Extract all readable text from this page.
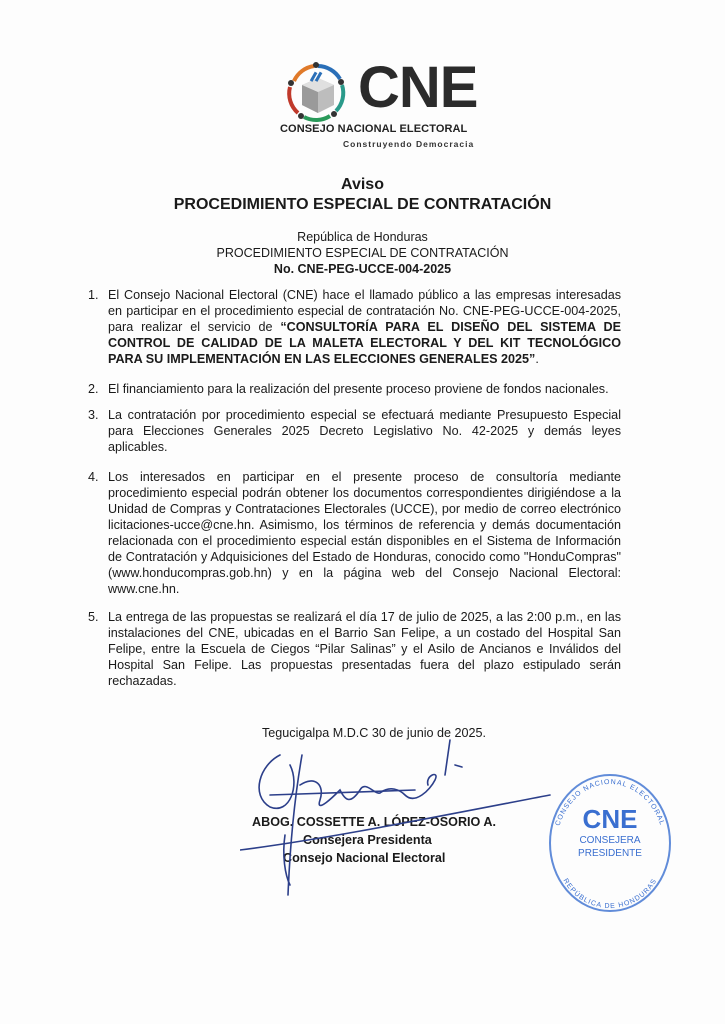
CNE
CONSEJO NACIONAL ELECTORAL
Construyendo Democracia
Aviso
PROCEDIMIENTO ESPECIAL DE CONTRATACIÓN
República de Honduras
PROCEDIMIENTO ESPECIAL DE CONTRATACIÓN
No. CNE-PEG-UCCE-004-2025
1. El Consejo Nacional Electoral (CNE) hace el llamado público a las empresas interesadas en participar en el procedimiento especial de contratación No. CNE-PEG-UCCE-004-2025, para realizar el servicio de “CONSULTORÍA PARA EL DISEÑO DEL SISTEMA DE CONTROL DE CALIDAD DE LA MALETA ELECTORAL Y DEL KIT TECNOLÓGICO PARA SU IMPLEMENTACIÓN EN LAS ELECCIONES GENERALES 2025”.
2. El financiamiento para la realización del presente proceso proviene de fondos nacionales.
3. La contratación por procedimiento especial se efectuará mediante Presupuesto Especial para Elecciones Generales 2025 Decreto Legislativo No. 42-2025 y demás leyes aplicables.
4. Los interesados en participar en el presente proceso de consultoría mediante procedimiento especial podrán obtener los documentos correspondientes dirigiéndose a la Unidad de Compras y Contrataciones Electorales (UCCE), por medio de correo electrónico licitaciones-ucce@cne.hn. Asimismo, los términos de referencia y demás documentación relacionada con el procedimiento especial están disponibles en el Sistema de Información de Contratación y Adquisiciones del Estado de Honduras, conocido como "HonduCompras" (www.honducompras.gob.hn) y en la página web del Consejo Nacional Electoral: www.cne.hn.
5. La entrega de las propuestas se realizará el día 17 de julio de 2025, a las 2:00 p.m., en las instalaciones del CNE, ubicadas en el Barrio San Felipe, a un costado del Hospital San Felipe, entre la Escuela de Ciegos “Pilar Salinas” y el Asilo de Ancianos e Inválidos del Hospital San Felipe. Las propuestas presentadas fuera del plazo estipulado serán rechazadas.
Tegucigalpa M.D.C 30 de junio de 2025.
CONSEJO NACIONAL ELECTORAL
REPÚBLICA DE HONDURAS
CNE
CONSEJERA
PRESIDENTE
ABOG. COSSETTE A. LÓPEZ-OSORIO A.
Consejera Presidenta
Consejo Nacional Electoral
